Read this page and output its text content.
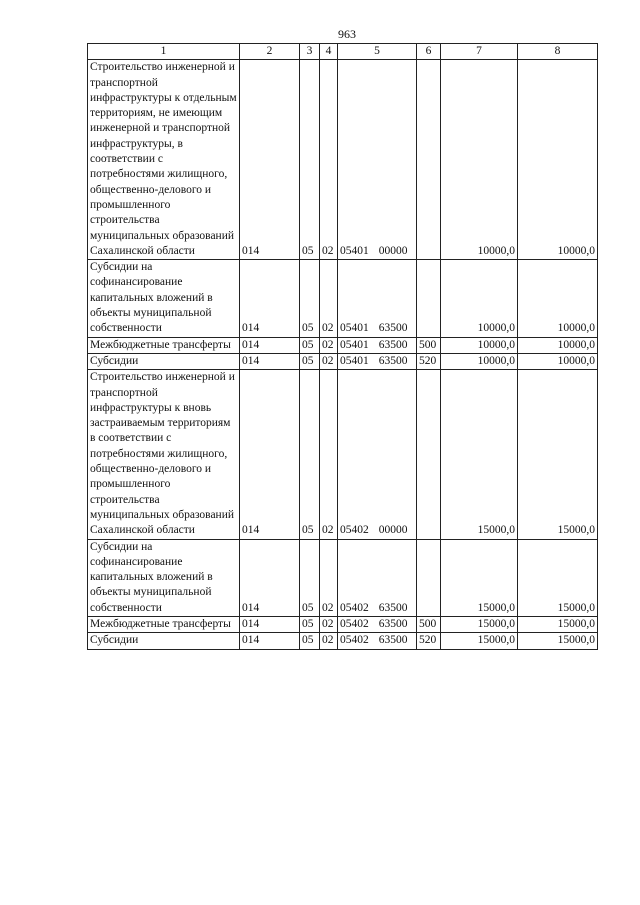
963
1	2	3	4	5	6	7	8
Строительство инженерной и транспортной инфраструктуры к отдельным территориям, не имеющим инженерной и транспортной инфраструктуры, в соответствии с потребностями жилищного, общественно-делового и промышленного строительства муниципальных образований Сахалинской области	014	05	02	05401 00000		10000,0	10000,0
Субсидии на софинансирование капитальных вложений в объекты муниципальной собственности	014	05	02	05401 63500		10000,0	10000,0
Межбюджетные трансферты	014	05	02	05401 63500	500	10000,0	10000,0
Субсидии	014	05	02	05401 63500	520	10000,0	10000,0
Строительство инженерной и транспортной инфраструктуры к вновь застраиваемым территориям в соответствии с потребностями жилищного, общественно-делового и промышленного строительства муниципальных образований Сахалинской области	014	05	02	05402 00000		15000,0	15000,0
Субсидии на софинансирование капитальных вложений в объекты муниципальной собственности	014	05	02	05402 63500		15000,0	15000,0
Межбюджетные трансферты	014	05	02	05402 63500	500	15000,0	15000,0
Субсидии	014	05	02	05402 63500	520	15000,0	15000,0
